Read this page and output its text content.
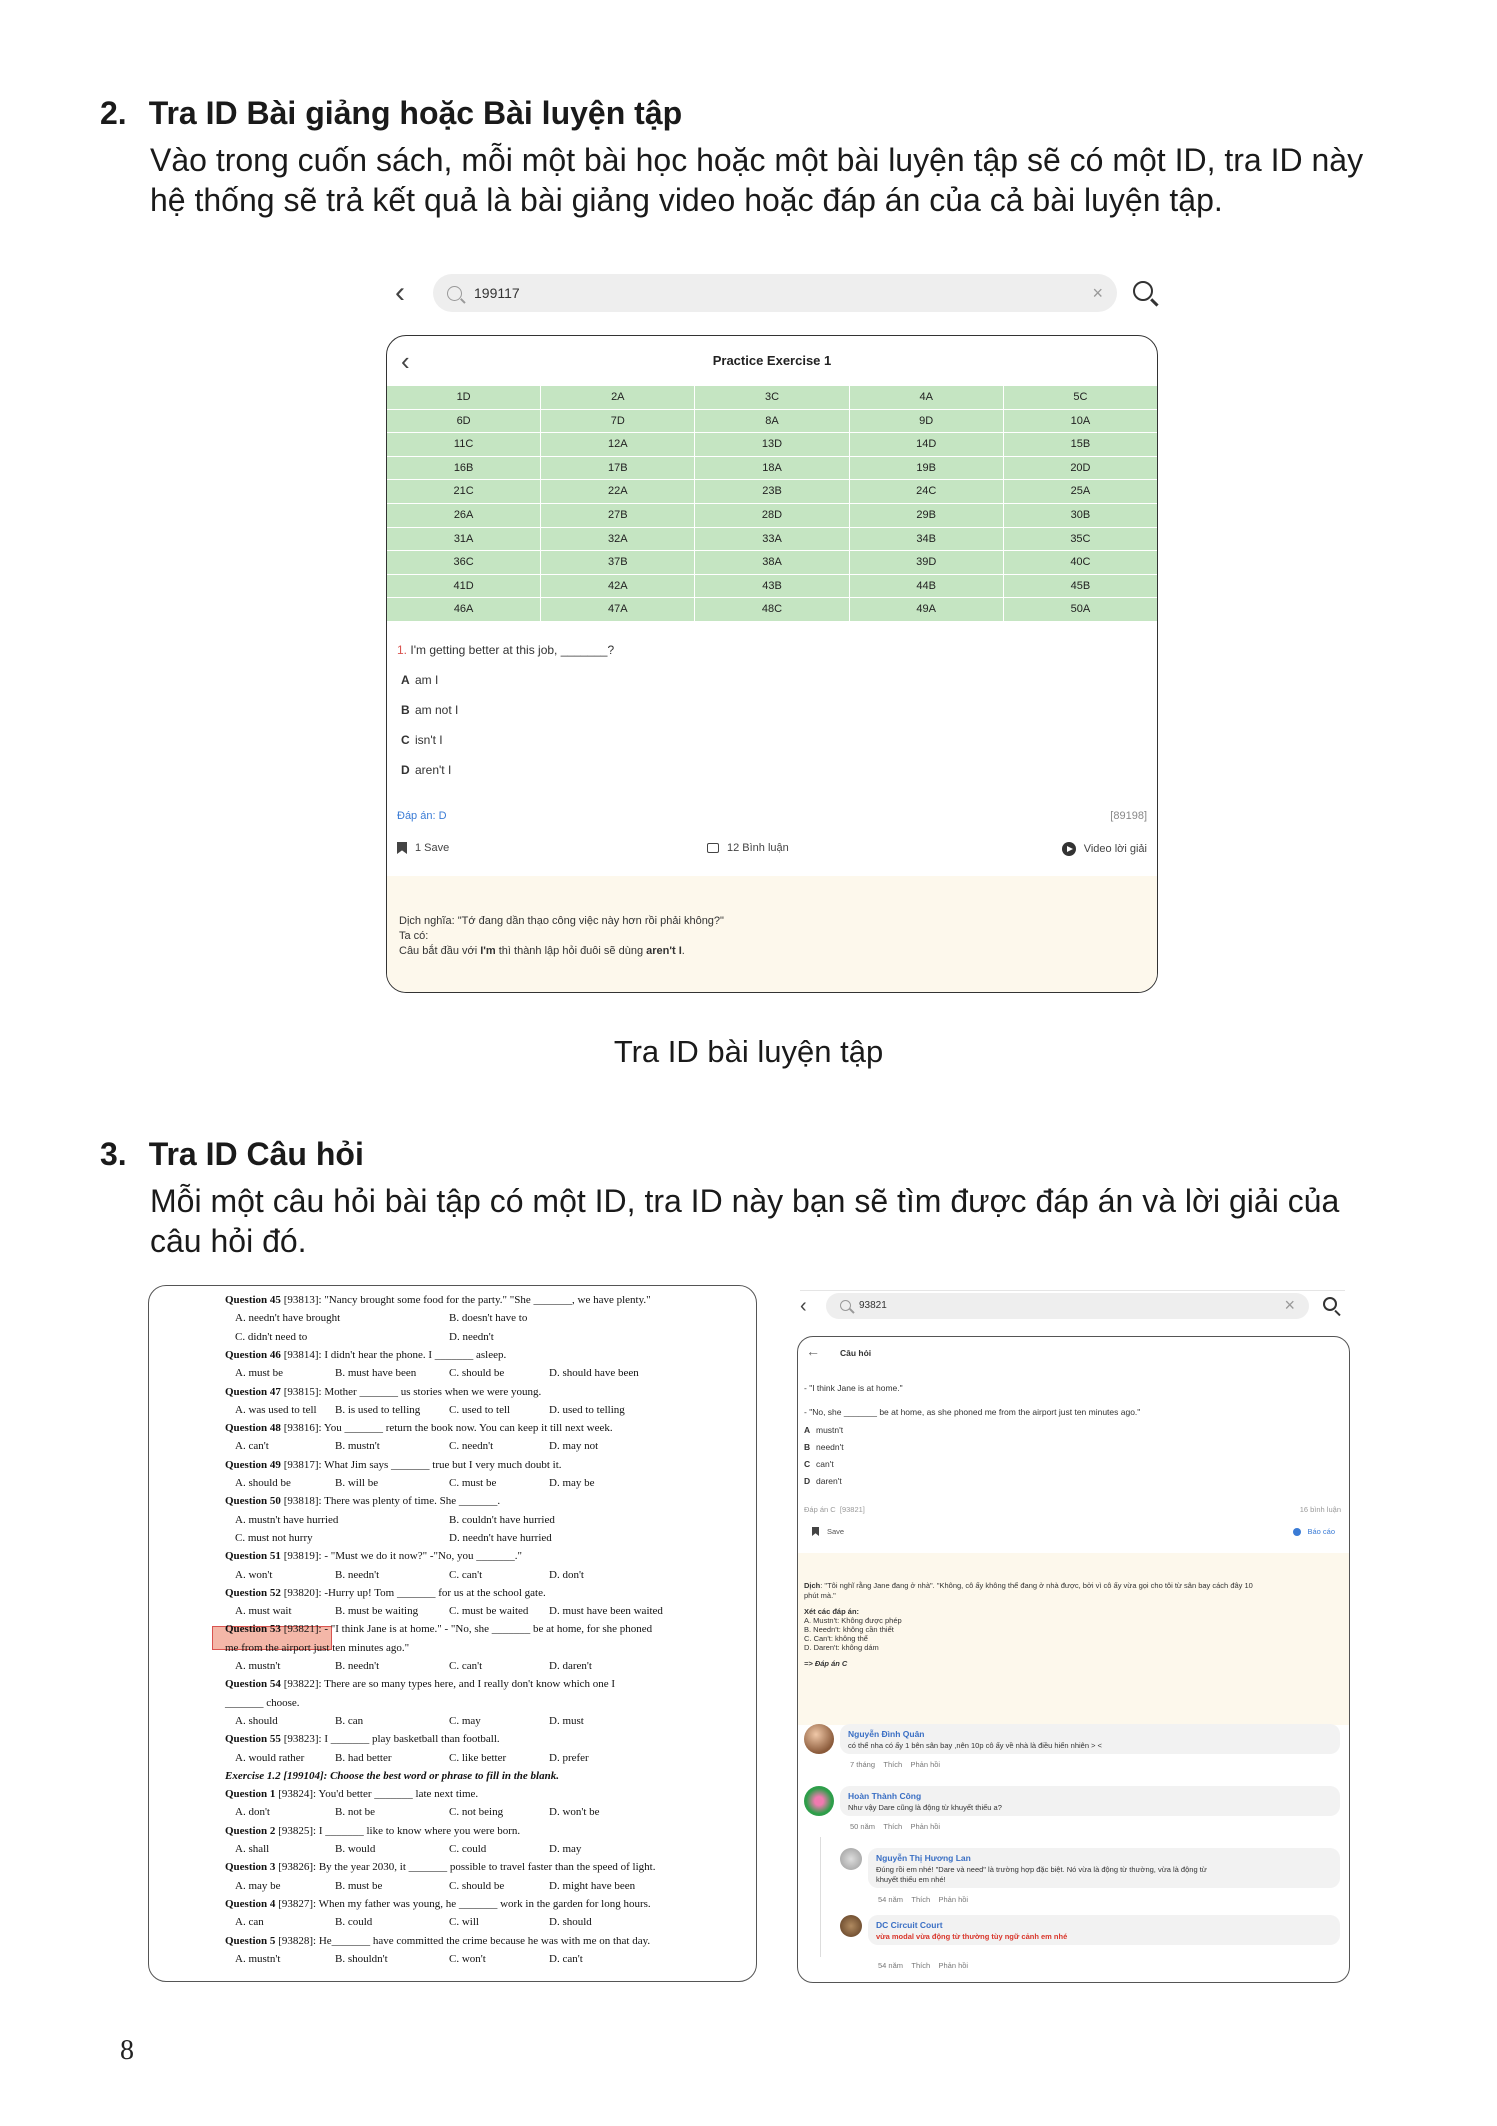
2. Tra ID Bài giảng hoặc Bài luyện tập
Vào trong cuốn sách, mỗi một bài học hoặc một bài luyện tập sẽ có một ID, tra ID này
hệ thống sẽ trả kết quả là bài giảng video hoặc đáp án của cả bài luyện tập.
‹	199117	×
‹	Practice Exercise 1
1D	2A	3C	4A	5C
6D	7D	8A	9D	10A
11C	12A	13D	14D	15B
16B	17B	18A	19B	20D
21C	22A	23B	24C	25A
26A	27B	28D	29B	30B
31A	32A	33A	34B	35C
36C	37B	38A	39D	40C
41D	42A	43B	44B	45B
46A	47A	48C	49A	50A
1. I'm getting better at this job, _______?
A am I
B am not I
C isn't I
D aren't I
Đáp án: D	[89198]
1 Save	12 Bình luận	Video lời giải
Dịch nghĩa: "Tớ đang dần thạo công việc này hơn rồi phải không?"
Ta có:
Câu bắt đầu với I'm thì thành lập hỏi đuôi sẽ dùng aren't I.
Tra ID bài luyện tập
3. Tra ID Câu hỏi
Mỗi một câu hỏi bài tập có một ID, tra ID này bạn sẽ tìm được đáp án và lời giải của
câu hỏi đó.
Question 45 [93813]: "Nancy brought some food for the party." "She _______, we have plenty."
A. needn't have brought	B. doesn't have to
C. didn't need to	D. needn't
Question 46 [93814]: I didn't hear the phone. I _______ asleep.
A. must be	B. must have been	C. should be	D. should have been
Question 47 [93815]: Mother _______ us stories when we were young.
A. was used to tell B. is used to telling	C. used to tell	D. used to telling
Question 48 [93816]: You _______ return the book now. You can keep it till next week.
A. can't	B. mustn't	C. needn't	D. may not
Question 49 [93817]: What Jim says _______ true but I very much doubt it.
A. should be	B. will be	C. must be	D. may be
Question 50 [93818]: There was plenty of time. She _______.
A. mustn't have hurried	B. couldn't have hurried
C. must not hurry	D. needn't have hurried
Question 51 [93819]: - "Must we do it now?" -"No, you _______."
A. won't	B. needn't	C. can't	D. don't
Question 52 [93820]: -Hurry up! Tom _______ for us at the school gate.
A. must wait	B. must be waiting	C. must be waited D. must have been waited
Question 53 [93821]: - "I think Jane is at home." - "No, she _______ be at home, for she phoned
me from the airport just ten minutes ago."
A. mustn't	B. needn't	C. can't	D. daren't
Question 54 [93822]: There are so many types here, and I really don't know which one I
_______ choose.
A. should	B. can	C. may	D. must
Question 55 [93823]: I _______ play basketball than football.
A. would rather	B. had better	C. like better	D. prefer
Exercise 1.2 [199104]: Choose the best word or phrase to fill in the blank.
Question 1 [93824]: You'd better _______ late next time.
A. don't	B. not be	C. not being	D. won't be
Question 2 [93825]: I _______ like to know where you were born.
A. shall	B. would	C. could	D. may
Question 3 [93826]: By the year 2030, it _______ possible to travel faster than the speed of light.
A. may be	B. must be	C. should be	D. might have been
Question 4 [93827]: When my father was young, he _______ work in the garden for long hours.
A. can	B. could	C. will	D. should
Question 5 [93828]: He_______ have committed the crime because he was with me on that day.
A. mustn't	B. shouldn't	C. won't	D. can't
‹	93821	×
← Câu hỏi
- "I think Jane is at home."
- "No, she _______ be at home, as she phoned me from the airport just ten minutes ago."
A mustn't
B needn't
C can't
D daren't
Đáp án C [93821]	16 bình luận
Save	Báo cáo
Dịch: "Tôi nghĩ rằng Jane đang ở nhà". "Không, cô ấy không thể đang ở nhà được, bởi vì cô ấy vừa gọi cho tôi từ sân bay cách đây 10
phút mà."
Xét các đáp án:
A. Mustn't: Không được phép
B. Needn't: không cần thiết
C. Can't: không thể
D. Daren't: không dám
=> Đáp án C
Nguyễn Đình Quân
có thể nha có ấy 1 bên sân bay ,nên 10p cô ấy về nhà là điều hiển nhiên > <
7 tháng Thích Phản hồi
Hoàn Thành Công
Như vậy Dare cũng là động từ khuyết thiếu a?
50 năm Thích Phản hồi
Nguyễn Thị Hương Lan
Đúng rồi em nhé! "Dare và need" là trường hợp đặc biệt. Nó vừa là động từ thường, vừa là động từ
khuyết thiếu em nhé!
54 năm Thích Phản hồi
DC Circuit Court
vừa modal vừa động từ thường tùy ngữ cảnh em nhé
54 năm Thích Phản hồi
8
